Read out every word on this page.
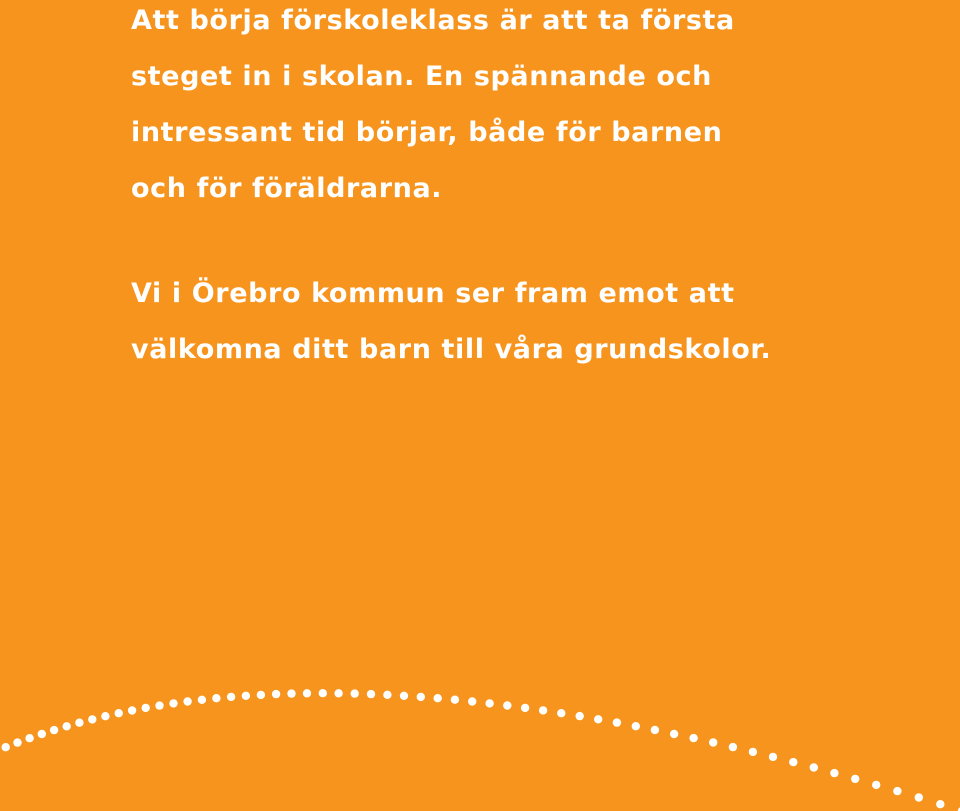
Att börja förskoleklass är att ta första
steget in i skolan. En spännande och
intressant tid börjar, både för barnen
och för föräldrarna.

Vi i Örebro kommun ser fram emot att
välkomna ditt barn till våra grundskolor.
